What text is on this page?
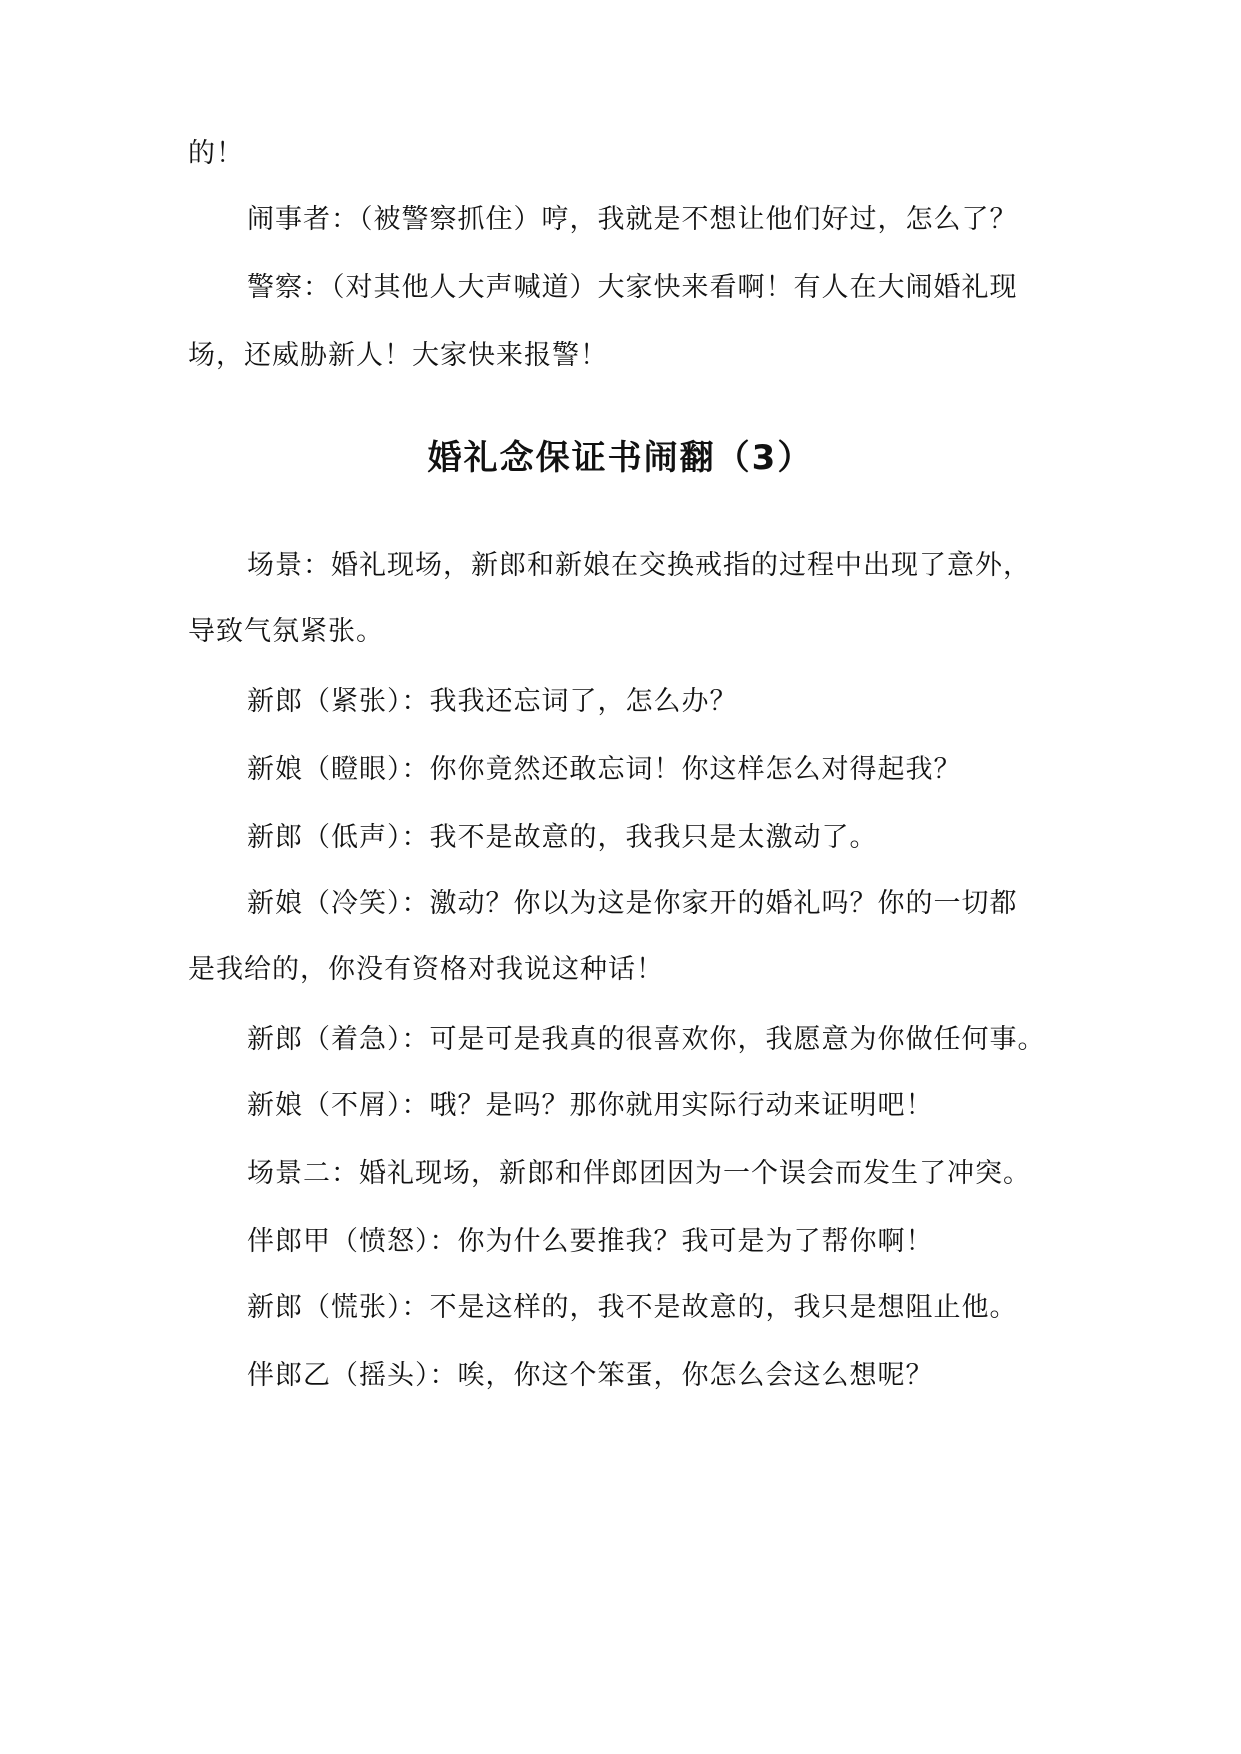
的！
闹事者：（被警察抓住）哼，我就是不想让他们好过，怎么了？
警察：（对其他人大声喊道）大家快来看啊！有人在大闹婚礼现
场，还威胁新人！大家快来报警！
婚礼念保证书闹翻（3）
场景：婚礼现场，新郎和新娘在交换戒指的过程中出现了意外，
导致气氛紧张。
新郎（紧张）：我我还忘词了，怎么办？
新娘（瞪眼）：你你竟然还敢忘词！你这样怎么对得起我？
新郎（低声）：我不是故意的，我我只是太激动了。
新娘（冷笑）：激动？你以为这是你家开的婚礼吗？你的一切都
是我给的，你没有资格对我说这种话！
新郎（着急）：可是可是我真的很喜欢你，我愿意为你做任何事。
新娘（不屑）：哦？是吗？那你就用实际行动来证明吧！
场景二：婚礼现场，新郎和伴郎团因为一个误会而发生了冲突。
伴郎甲（愤怒）：你为什么要推我？我可是为了帮你啊！
新郎（慌张）：不是这样的，我不是故意的，我只是想阻止他。
伴郎乙（摇头）：唉，你这个笨蛋，你怎么会这么想呢？
